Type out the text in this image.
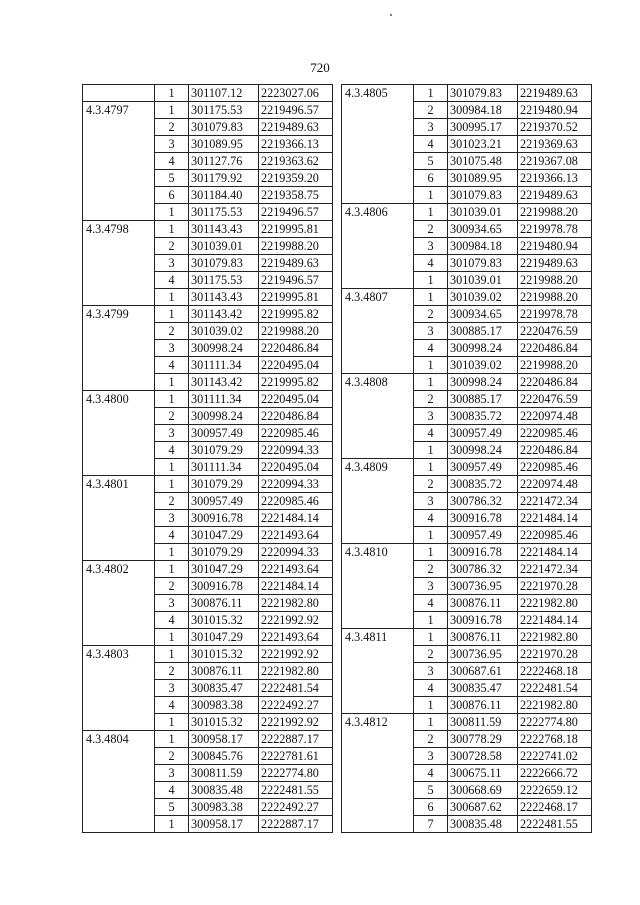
720
	1	301107.12	2223027.06
4.3.4797	1	301175.53	2219496.57
	2	301079.83	2219489.63
	3	301089.95	2219366.13
	4	301127.76	2219363.62
	5	301179.92	2219359.20
	6	301184.40	2219358.75
	1	301175.53	2219496.57
4.3.4798	1	301143.43	2219995.81
	2	301039.01	2219988.20
	3	301079.83	2219489.63
	4	301175.53	2219496.57
	1	301143.43	2219995.81
4.3.4799	1	301143.42	2219995.82
	2	301039.02	2219988.20
	3	300998.24	2220486.84
	4	301111.34	2220495.04
	1	301143.42	2219995.82
4.3.4800	1	301111.34	2220495.04
	2	300998.24	2220486.84
	3	300957.49	2220985.46
	4	301079.29	2220994.33
	1	301111.34	2220495.04
4.3.4801	1	301079.29	2220994.33
	2	300957.49	2220985.46
	3	300916.78	2221484.14
	4	301047.29	2221493.64
	1	301079.29	2220994.33
4.3.4802	1	301047.29	2221493.64
	2	300916.78	2221484.14
	3	300876.11	2221982.80
	4	301015.32	2221992.92
	1	301047.29	2221493.64
4.3.4803	1	301015.32	2221992.92
	2	300876.11	2221982.80
	3	300835.47	2222481.54
	4	300983.38	2222492.27
	1	301015.32	2221992.92
4.3.4804	1	300958.17	2222887.17
	2	300845.76	2222781.61
	3	300811.59	2222774.80
	4	300835.48	2222481.55
	5	300983.38	2222492.27
	1	300958.17	2222887.17
4.3.4805	1	301079.83	2219489.63
	2	300984.18	2219480.94
	3	300995.17	2219370.52
	4	301023.21	2219369.63
	5	301075.48	2219367.08
	6	301089.95	2219366.13
	1	301079.83	2219489.63
4.3.4806	1	301039.01	2219988.20
	2	300934.65	2219978.78
	3	300984.18	2219480.94
	4	301079.83	2219489.63
	1	301039.01	2219988.20
4.3.4807	1	301039.02	2219988.20
	2	300934.65	2219978.78
	3	300885.17	2220476.59
	4	300998.24	2220486.84
	1	301039.02	2219988.20
4.3.4808	1	300998.24	2220486.84
	2	300885.17	2220476.59
	3	300835.72	2220974.48
	4	300957.49	2220985.46
	1	300998.24	2220486.84
4.3.4809	1	300957.49	2220985.46
	2	300835.72	2220974.48
	3	300786.32	2221472.34
	4	300916.78	2221484.14
	1	300957.49	2220985.46
4.3.4810	1	300916.78	2221484.14
	2	300786.32	2221472.34
	3	300736.95	2221970.28
	4	300876.11	2221982.80
	1	300916.78	2221484.14
4.3.4811	1	300876.11	2221982.80
	2	300736.95	2221970.28
	3	300687.61	2222468.18
	4	300835.47	2222481.54
	1	300876.11	2221982.80
4.3.4812	1	300811.59	2222774.80
	2	300778.29	2222768.18
	3	300728.58	2222741.02
	4	300675.11	2222666.72
	5	300668.69	2222659.12
	6	300687.62	2222468.17
	7	300835.48	2222481.55
